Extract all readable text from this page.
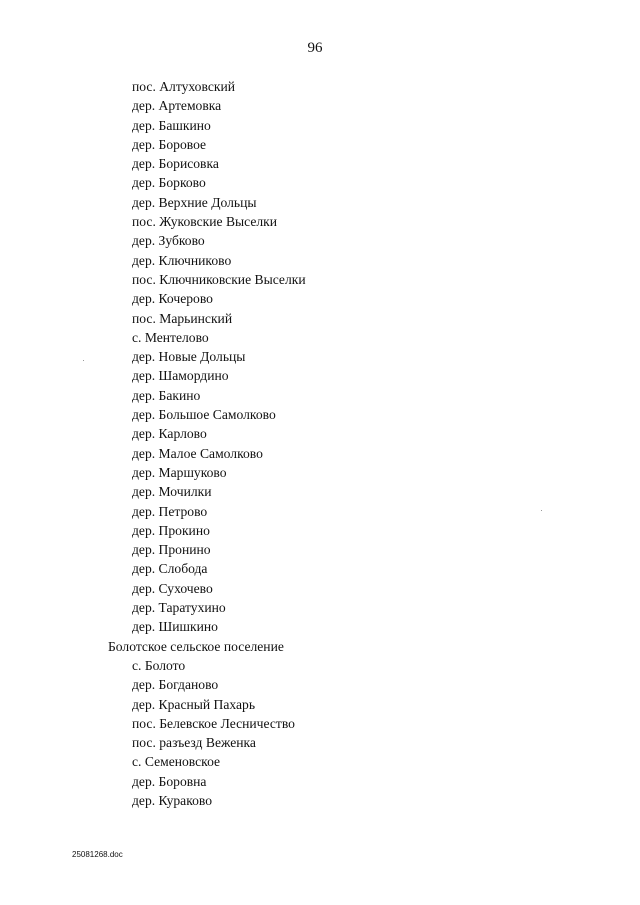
96
пос. Алтуховский
дер. Артемовка
дер. Башкино
дер. Боровое
дер. Борисовка
дер. Борково
дер. Верхние Дольцы
пос. Жуковские Выселки
дер. Зубково
дер. Ключниково
пос. Ключниковские Выселки
дер. Кочерово
пос. Марьинский
с. Ментелово
дер. Новые Дольцы
дер. Шамордино
дер. Бакино
дер. Большое Самолково
дер. Карлово
дер. Малое Самолково
дер. Маршуково
дер. Мочилки
дер. Петрово
дер. Прокино
дер. Пронино
дер. Слобода
дер. Сухочево
дер. Таратухино
дер. Шишкино
Болотское сельское поселение
с. Болото
дер. Богданово
дер. Красный Пахарь
пос. Белевское Лесничество
пос. разъезд Веженка
с. Семеновское
дер. Боровна
дер. Кураково
25081268.doc
